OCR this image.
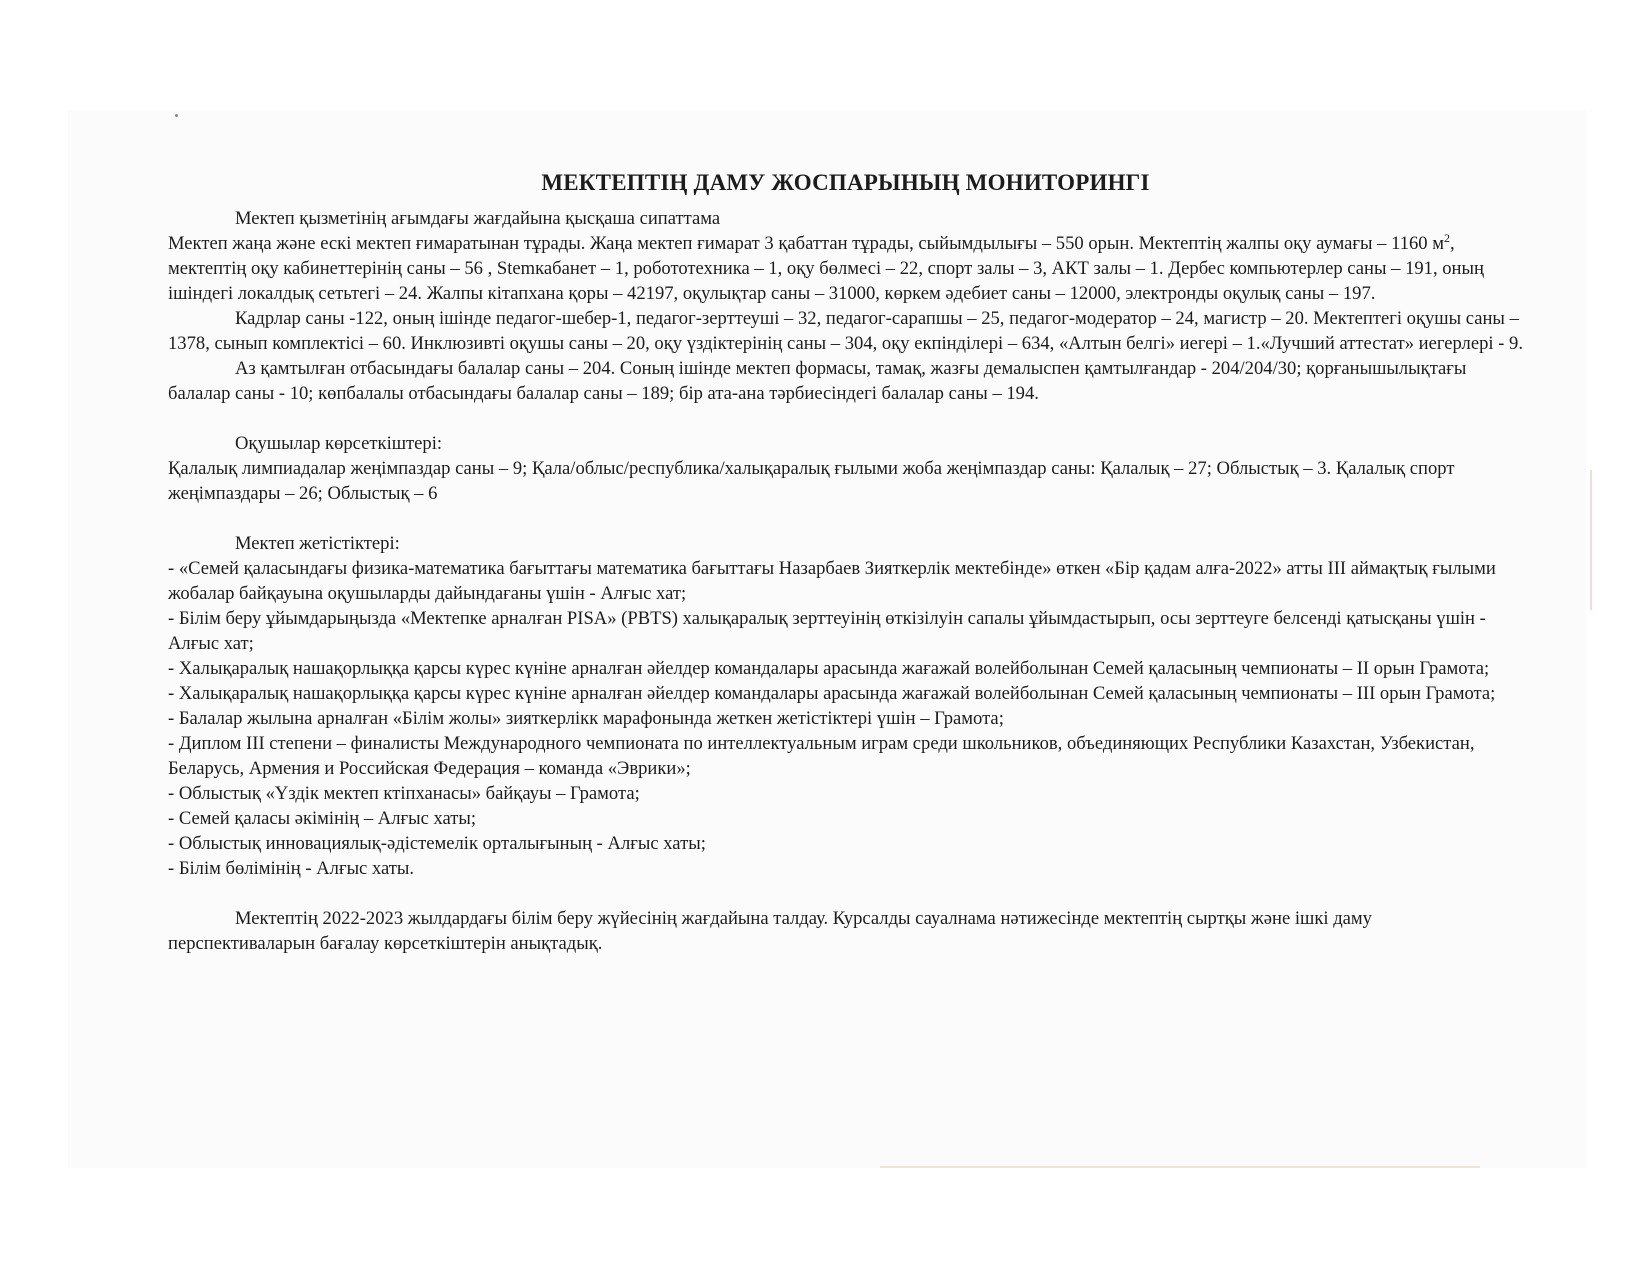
МЕКТЕПТІҢ ДАМУ ЖОСПАРЫНЫҢ МОНИТОРИНГІ

Мектеп қызметінің ағымдағы жағдайына қысқаша сипаттама

Мектеп жаңа және ескі мектеп ғимаратынан тұрады. Жаңа мектеп ғимарат 3 қабаттан тұрады, сыйымдылығы – 550 орын. Мектептің жалпы оқу аумағы – 1160 $м^2$, мектептің оқу кабинеттерінің саны – 56 , Stemкабанет – 1, робототехника – 1, оқу бөлмесі – 22, спорт залы – 3, АКТ залы – 1. Дербес компьютерлер саны – 191, оның ішіндегі локалдық сетьтегі – 24. Жалпы кітапхана қоры – 42197, оқулықтар саны – 31000, көркем әдебиет саны – 12000, электронды оқулық саны – 197.

Кадрлар саны -122, оның ішінде педагог-шебер-1, педагог-зерттеуші – 32, педагог-сарапшы – 25, педагог-модератор – 24, магистр – 20. Мектептегі оқушы саны – 1378, сынып комплектісі – 60. Инклюзивті оқушы саны – 20, оқу үздіктерінің саны – 304, оқу екпінділері – 634, «Алтын белгі» иегері – 1.«Лучший аттестат» иегерлері - 9.

Аз қамтылған отбасындағы балалар саны – 204. Соның ішінде мектеп формасы, тамақ, жазғы демалыспен қамтылғандар - 204/204/30; қорғанышылықтағы балалар саны - 10; көпбалалы отбасындағы балалар саны – 189; бір ата-ана тәрбиесіндегі балалар саны – 194.

Оқушылар көрсеткіштері:

Қалалық лимпиадалар жеңімпаздар саны – 9; Қала/облыс/республика/халықаралық ғылыми жоба жеңімпаздар саны: Қалалық – 27; Облыстық – 3. Қалалық спорт жеңімпаздары – 26; Облыстық – 6

Мектеп жетістіктері:

- «Семей қаласындағы физика-математика бағыттағы математика бағыттағы Назарбаев Зияткерлік мектебінде» өткен «Бір қадам алға-2022» атты ІІІ аймақтық ғылыми жобалар байқауына оқушыларды дайындағаны үшін - Алғыс хат;
- Білім беру ұйымдарыңызда «Мектепке арналған PISA» (PBTS) халықаралық зерттеуінің өткізілуін сапалы ұйымдастырып, осы зерттеуге белсенді қатысқаны үшін - Алғыс хат;
- Халықаралық нашақорлыққа қарсы күрес күніне арналған әйелдер командалары арасында жағажай волейболынан Семей қаласының чемпионаты – ІІ орын Грамота;
- Халықаралық нашақорлыққа қарсы күрес күніне арналған әйелдер командалары арасында жағажай волейболынан Семей қаласының чемпионаты – ІІІ орын Грамота;
- Балалар жылына арналған «Білім жолы» зияткерлікк марафонында жеткен жетістіктері үшін – Грамота;
- Диплом ІІІ степени – финалисты Международного чемпионата по интеллектуальным играм среди школьников, объединяющих Республики Казахстан, Узбекистан, Беларусь, Армения и Российская Федерация – команда «Эврики»;
- Облыстық «Үздік мектеп ктіпханасы» байқауы – Грамота;
- Семей қаласы әкімінің – Алғыс хаты;
- Облыстық инновациялық-әдістемелік орталығының - Алғыс хаты;
- Білім бөлімінің - Алғыс хаты.

Мектептің 2022-2023 жылдардағы білім беру жүйесінің жағдайына талдау. Курсалды сауалнама нәтижесінде мектептің сыртқы және ішкі даму перспективаларын бағалау көрсеткіштерін анықтадық.
